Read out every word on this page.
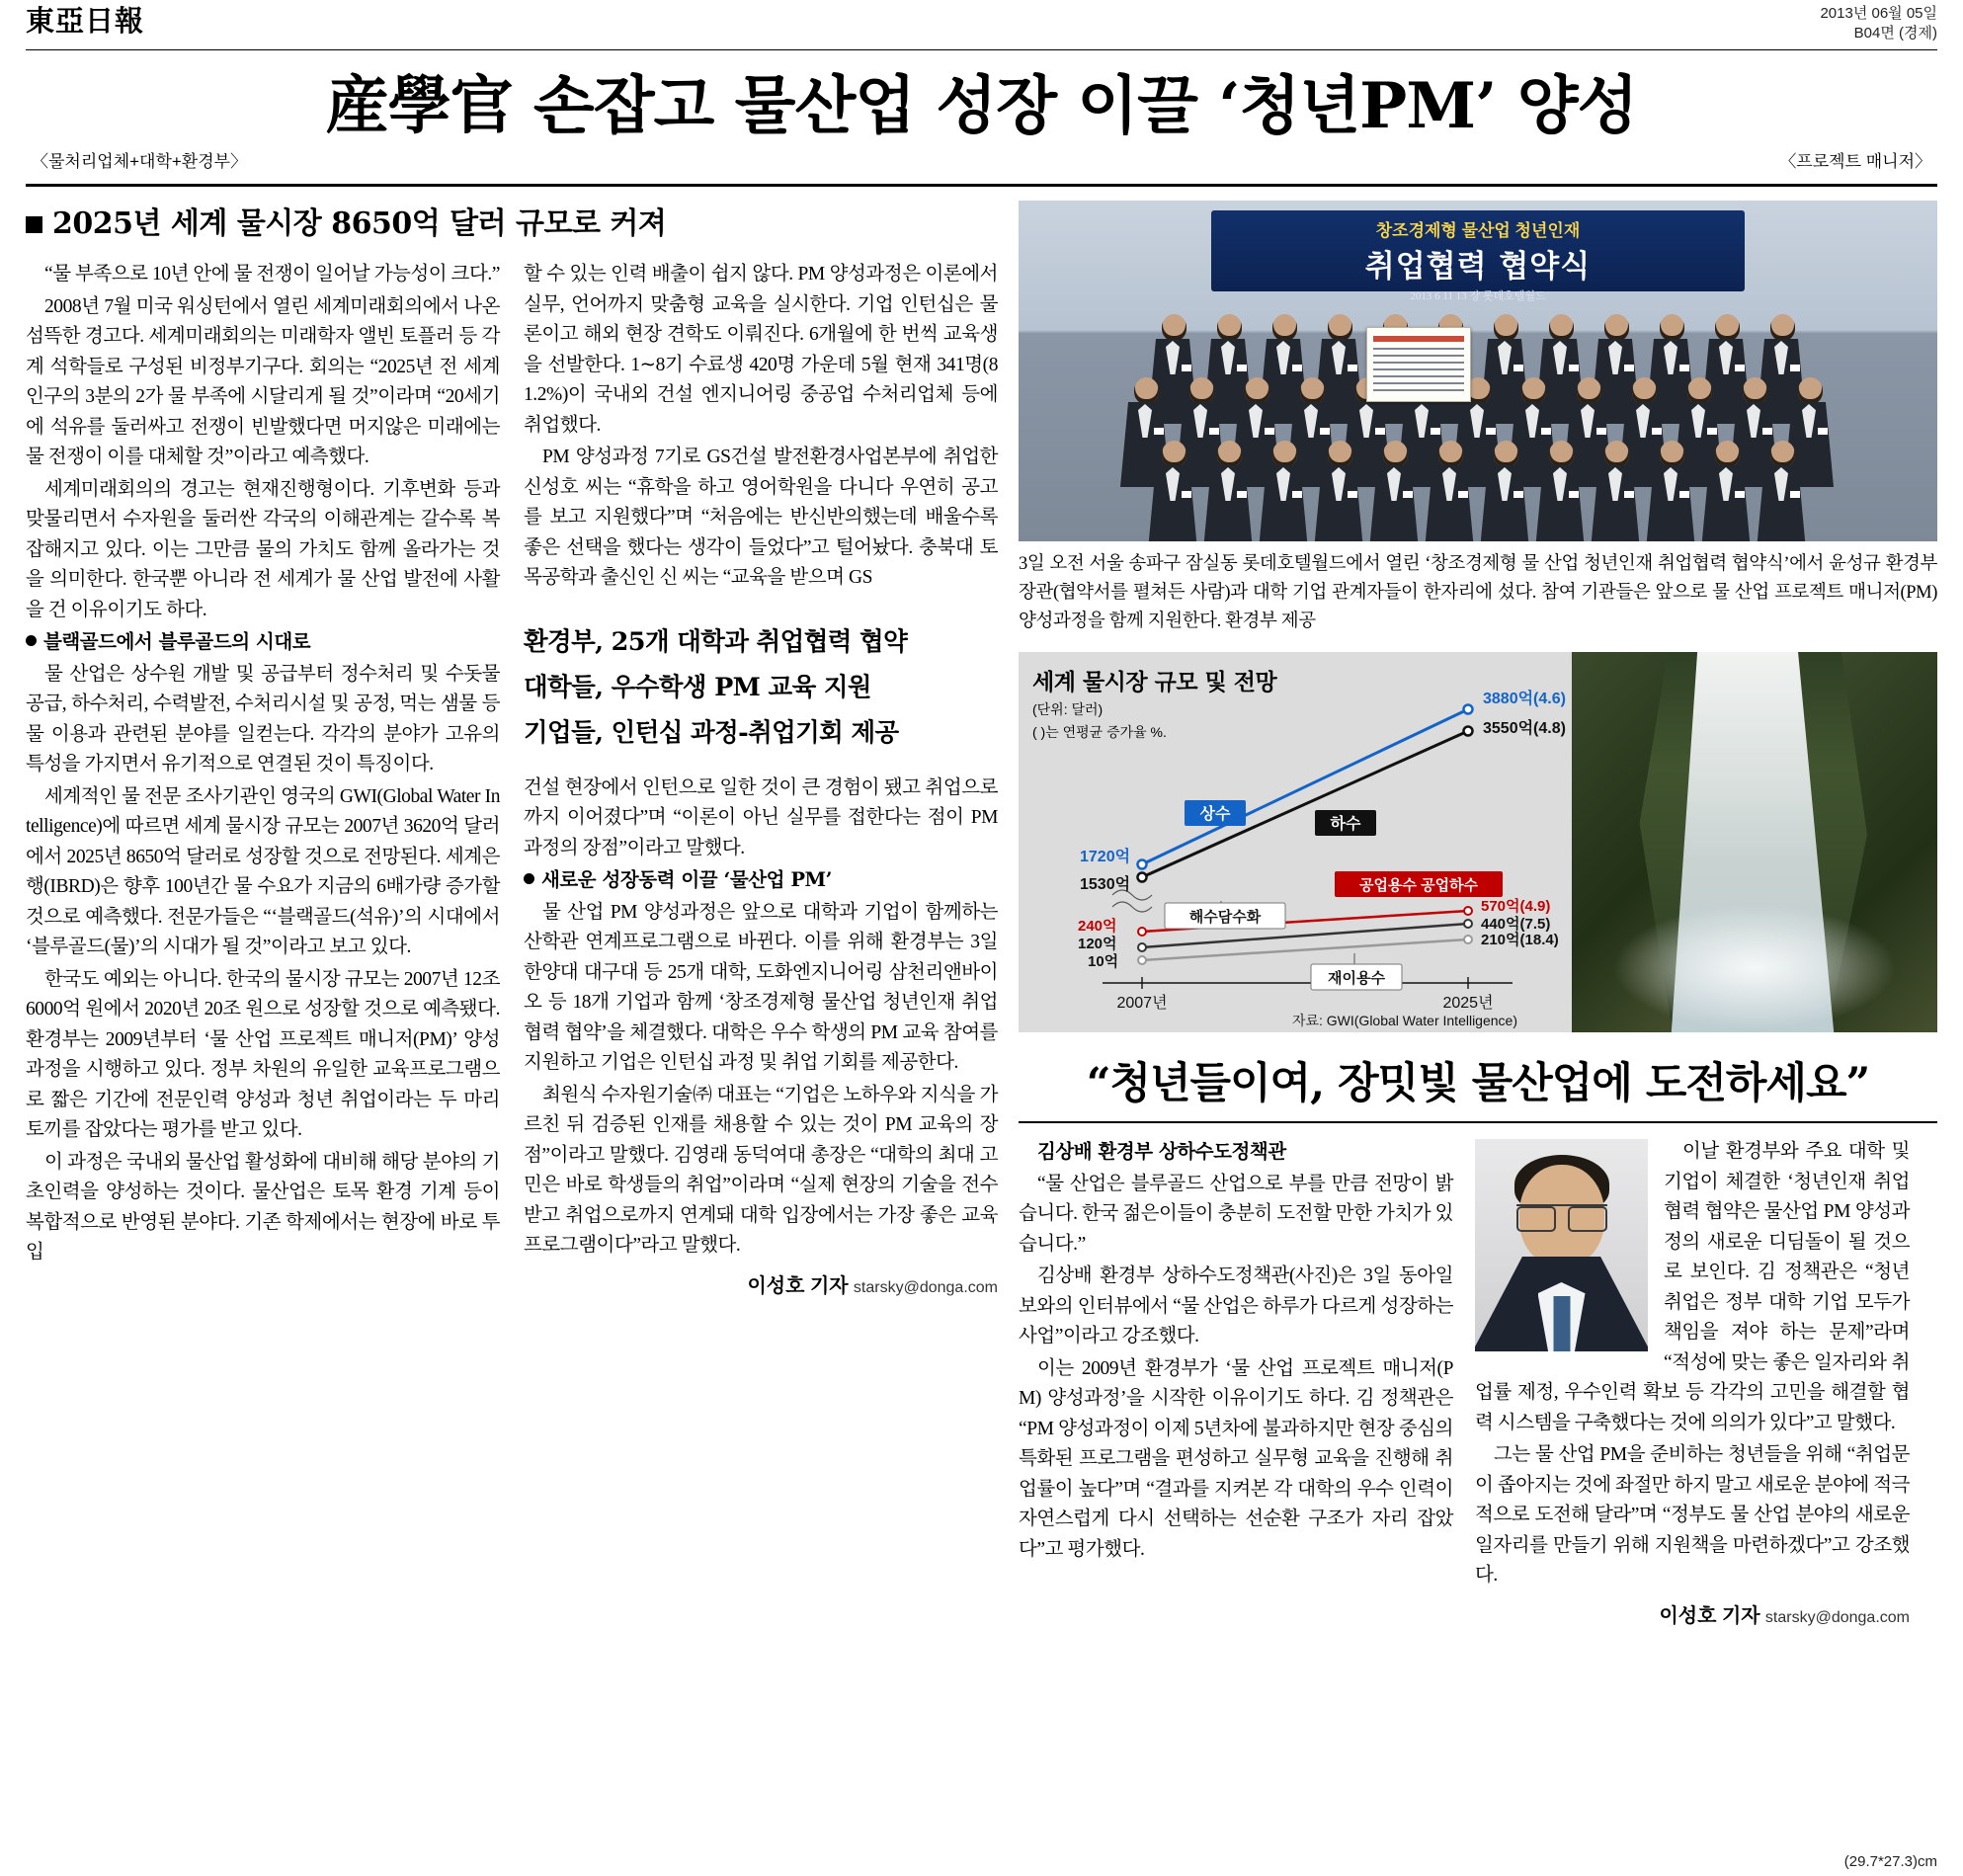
東亞日報	2013년 06월 05일
B04면 (경제)
産學官 손잡고 물산업 성장 이끌 ‘청년PM’ 양성
〈물처리업체+대학+환경부〉	〈프로젝트 매니저〉
2025년 세계 물시장 8650억 달러 규모로 커져

“물 부족으로 10년 안에 물 전쟁이 일어날 가능성이 크다.”

2008년 7월 미국 워싱턴에서 열린 세계미래회의에서 나온 섬뜩한 경고다. 세계미래회의는 미래학자 앨빈 토플러 등 각계 석학들로 구성된 비정부기구다. 회의는 “2025년 전 세계 인구의 3분의 2가 물 부족에 시달리게 될 것”이라며 “20세기에 석유를 둘러싸고 전쟁이 빈발했다면 머지않은 미래에는 물 전쟁이 이를 대체할 것”이라고 예측했다.

세계미래회의의 경고는 현재진행형이다. 기후변화 등과 맞물리면서 수자원을 둘러싼 각국의 이해관계는 갈수록 복잡해지고 있다. 이는 그만큼 물의 가치도 함께 올라가는 것을 의미한다. 한국뿐 아니라 전 세계가 물 산업 발전에 사활을 건 이유이기도 하다.

블랙골드에서 블루골드의 시대로

물 산업은 상수원 개발 및 공급부터 정수처리 및 수돗물 공급, 하수처리, 수력발전, 수처리시설 및 공정, 먹는 샘물 등 물 이용과 관련된 분야를 일컫는다. 각각의 분야가 고유의 특성을 가지면서 유기적으로 연결된 것이 특징이다.

세계적인 물 전문 조사기관인 영국의 GWI(Global Water Intelligence)에 따르면 세계 물시장 규모는 2007년 3620억 달러에서 2025년 8650억 달러로 성장할 것으로 전망된다. 세계은행(IBRD)은 향후 100년간 물 수요가 지금의 6배가량 증가할 것으로 예측했다. 전문가들은 “‘블랙골드(석유)’의 시대에서 ‘블루골드(물)’의 시대가 될 것”이라고 보고 있다.

한국도 예외는 아니다. 한국의 물시장 규모는 2007년 12조6000억 원에서 2020년 20조 원으로 성장할 것으로 예측됐다. 환경부는 2009년부터 ‘물 산업 프로젝트 매니저(PM)’ 양성과정을 시행하고 있다. 정부 차원의 유일한 교육프로그램으로 짧은 기간에 전문인력 양성과 청년 취업이라는 두 마리 토끼를 잡았다는 평가를 받고 있다.

이 과정은 국내외 물산업 활성화에 대비해 해당 분야의 기초인력을 양성하는 것이다. 물산업은 토목 환경 기계 등이 복합적으로 반영된 분야다. 기존 학제에서는 현장에 바로 투입

할 수 있는 인력 배출이 쉽지 않다. PM 양성과정은 이론에서 실무, 언어까지 맞춤형 교육을 실시한다. 기업 인턴십은 물론이고 해외 현장 견학도 이뤄진다. 6개월에 한 번씩 교육생을 선발한다. 1∼8기 수료생 420명 가운데 5월 현재 341명(81.2%)이 국내외 건설 엔지니어링 중공업 수처리업체 등에 취업했다.

PM 양성과정 7기로 GS건설 발전환경사업본부에 취업한 신성호 씨는 “휴학을 하고 영어학원을 다니다 우연히 공고를 보고 지원했다”며 “처음에는 반신반의했는데 배울수록 좋은 선택을 했다는 생각이 들었다”고 털어놨다. 충북대 토목공학과 출신인 신 씨는 “교육을 받으며 GS

환경부, 25개 대학과 취업협력 협약
대학들, 우수학생 PM 교육 지원
기업들, 인턴십 과정-취업기회 제공

건설 현장에서 인턴으로 일한 것이 큰 경험이 됐고 취업으로까지 이어졌다”며 “이론이 아닌 실무를 접한다는 점이 PM 과정의 장점”이라고 말했다.

새로운 성장동력 이끌 ‘물산업 PM’

물 산업 PM 양성과정은 앞으로 대학과 기업이 함께하는 산학관 연계프로그램으로 바뀐다. 이를 위해 환경부는 3일 한양대 대구대 등 25개 대학, 도화엔지니어링 삼천리앤바이오 등 18개 기업과 함께 ‘창조경제형 물산업 청년인재 취업협력 협약’을 체결했다. 대학은 우수 학생의 PM 교육 참여를 지원하고 기업은 인턴십 과정 및 취업 기회를 제공한다.

최원식 수자원기술㈜ 대표는 “기업은 노하우와 지식을 가르친 뒤 검증된 인재를 채용할 수 있는 것이 PM 교육의 장점”이라고 말했다. 김영래 동덕여대 총장은 “대학의 최대 고민은 바로 학생들의 취업”이라며 “실제 현장의 기술을 전수받고 취업으로까지 연계돼 대학 입장에서는 가장 좋은 교육프로그램이다”라고 말했다.

이성호 기자 starsky@donga.com
창조경제형 물산업 청년인재
취업협력 협약식
2013 6 11 13 장 롯데호텔월드
3일 오전 서울 송파구 잠실동 롯데호텔월드에서 열린 ‘창조경제형 물 산업 청년인재 취업협력 협약식’에서 윤성규 환경부 장관(협약서를 펼쳐든 사람)과 대학 기업 관계자들이 한자리에 섰다. 참여 기관들은 앞으로 물 산업 프로젝트 매니저(PM) 양성과정을 함께 지원한다. 환경부 제공
세계 물시장 규모 및 전망
(단위: 달러)
( )는 연평균 증가율 %.
3880억(4.6)
3550억(4.8)
1720억
1530억
240억
120억
10억
570억(4.9)
440억(7.5)
210억(18.4)
상수
하수
공업용수 공업하수
해수담수화
재이용수
2007년	2025년
자료: GWI(Global Water Intelligence)
“청년들이여, 장밋빛 물산업에 도전하세요”

김상배 환경부 상하수도정책관

“물 산업은 블루골드 산업으로 부를 만큼 전망이 밝습니다. 한국 젊은이들이 충분히 도전할 만한 가치가 있습니다.”

김상배 환경부 상하수도정책관(사진)은 3일 동아일보와의 인터뷰에서 “물 산업은 하루가 다르게 성장하는 사업”이라고 강조했다.

이는 2009년 환경부가 ‘물 산업 프로젝트 매니저(PM) 양성과정’을 시작한 이유이기도 하다. 김 정책관은 “PM 양성과정이 이제 5년차에 불과하지만 현장 중심의 특화된 프로그램을 편성하고 실무형 교육을 진행해 취업률이 높다”며 “결과를 지켜본 각 대학의 우수 인력이 자연스럽게 다시 선택하는 선순환 구조가 자리 잡았다”고 평가했다.

이날 환경부와 주요 대학 및 기업이 체결한 ‘청년인재 취업협력 협약은 물산업 PM 양성과정의 새로운 디딤돌이 될 것으로 보인다. 김 정책관은 “청년취업은 정부 대학 기업 모두가 책임을 져야 하는 문제”라며 “적성에 맞는 좋은 일자리와 취업률 제정, 우수인력 확보 등 각각의 고민을 해결할 협력 시스템을 구축했다는 것에 의의가 있다”고 말했다.

그는 물 산업 PM을 준비하는 청년들을 위해 “취업문이 좁아지는 것에 좌절만 하지 말고 새로운 분야에 적극적으로 도전해 달라”며 “정부도 물 산업 분야의 새로운 일자리를 만들기 위해 지원책을 마련하겠다”고 강조했다.

이성호 기자 starsky@donga.com
(29.7*27.3)cm
